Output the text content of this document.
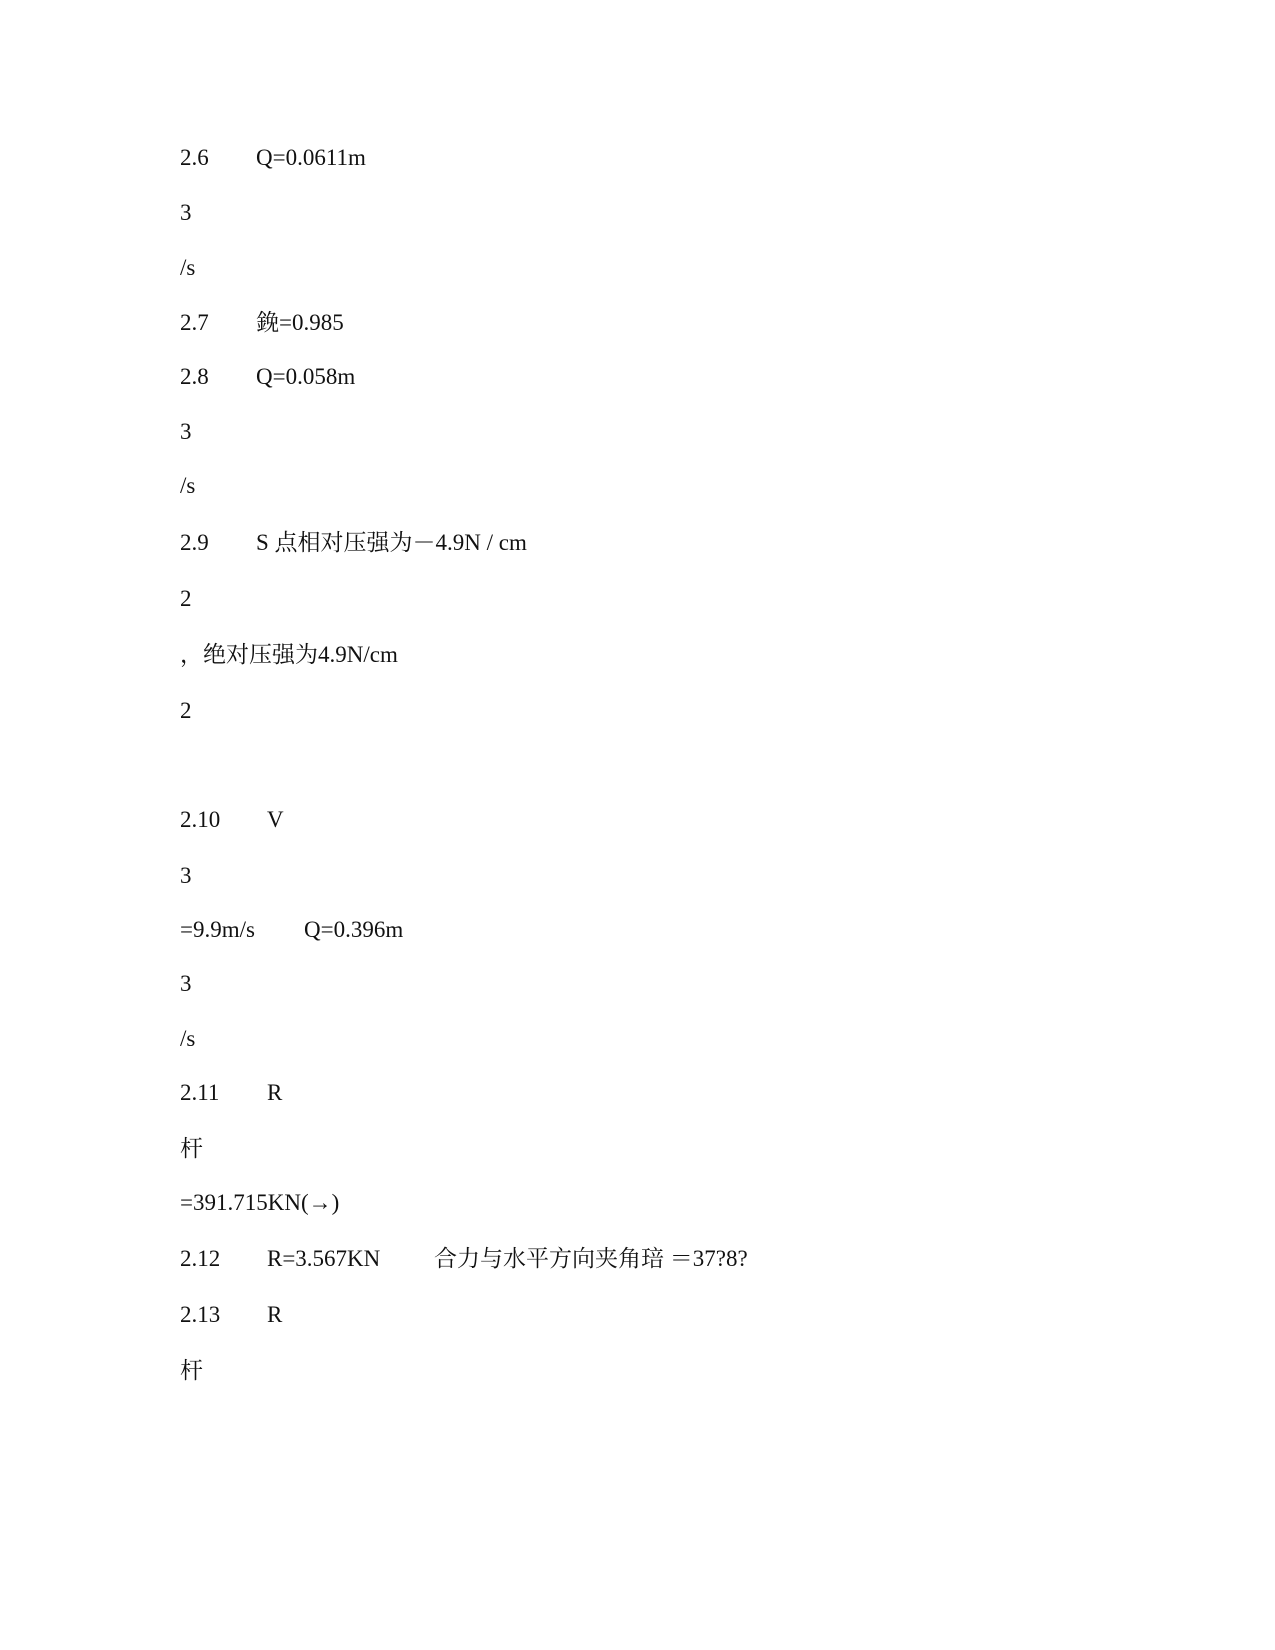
2.6 Q=0.0611m
3
/s
2.7 鋔=0.985
2.8 Q=0.058m
3
/s
2.9 S 点相对压强为－4.9N / cm
2
，绝对压强为4.9N/cm
2
2.10 V
3
=9.9m/s Q=0.396m
3
/s
2.11 R
杆
=391.715KN(→)
2.12 R=3.567KN 合力与水平方向夹角琣 ＝37?8?
2.13 R
杆
